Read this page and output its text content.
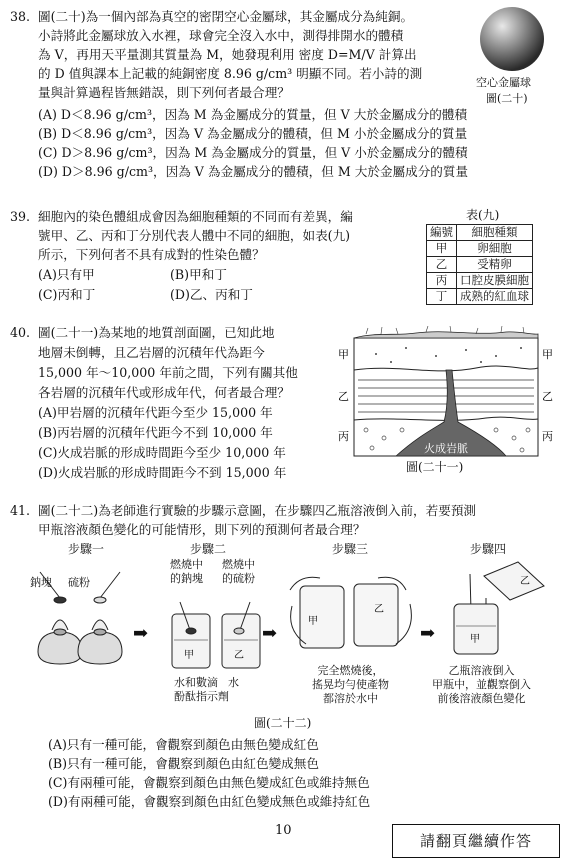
38. 圖(二十)為一個內部為真空的密閉空心金屬球，其金屬成分為純銅。
小詩將此金屬球放入水裡，球會完全沒入水中，測得排開水的體積
為 V，再用天平量測其質量為 M，她發現利用 密度 D=M/V 計算出
的 D 值與課本上記載的純銅密度 8.96 g/cm³ 明顯不同。若小詩的測
量與計算過程皆無錯誤，則下列何者最合理？
空心金屬球
圖(二十)
(A) D＜8.96 g/cm³，因為 M 為金屬成分的質量，但 V 大於金屬成分的體積
(B) D＜8.96 g/cm³，因為 V 為金屬成分的體積，但 M 小於金屬成分的質量
(C) D＞8.96 g/cm³，因為 M 為金屬成分的質量，但 V 小於金屬成分的體積
(D) D＞8.96 g/cm³，因為 V 為金屬成分的體積，但 M 大於金屬成分的質量
39. 細胞內的染色體組成會因為細胞種類的不同而有差異，編
號甲、乙、丙和丁分別代表人體中不同的細胞，如表(九)
所示，下列何者不具有成對的性染色體？
(A)只有甲	(B)甲和丁
(C)丙和丁	(D)乙、丙和丁
表(九)
編號	細胞種類
甲	卵細胞
乙	受精卵
丙	口腔皮膜細胞
丁	成熟的紅血球
40. 圖(二十一)為某地的地質剖面圖，已知此地
地層未倒轉，且乙岩層的沉積年代為距今
15,000 年～10,000 年前之間，下列有關其他
各岩層的沉積年代或形成年代，何者最合理？
(A)甲岩層的沉積年代距今至少 15,000 年
(B)丙岩層的沉積年代距今不到 10,000 年
(C)火成岩脈的形成時間距今至少 10,000 年
(D)火成岩脈的形成時間距今不到 15,000 年
甲	甲
乙	乙
丙	丙
火成岩脈
圖(二十一)
41. 圖(二十二)為老師進行實驗的步驟示意圖，在步驟四乙瓶溶液倒入前，若要預測
甲瓶溶液顏色變化的可能情形，則下列的預測何者最合理？
步驟一	步驟二	步驟三	步驟四
鈉塊 硫粉
➡
甲	乙
燃燒中
的鈉塊
燃燒中
的硫粉
水和數滴
酚酞指示劑
水
➡
甲
乙
完全燃燒後，
搖晃均勻使產物
都溶於水中
➡
乙
甲
乙瓶溶液倒入
甲瓶中，並觀察倒入
前後溶液顏色變化
圖(二十二)
(A)只有一種可能，會觀察到顏色由無色變成紅色
(B)只有一種可能，會觀察到顏色由紅色變成無色
(C)有兩種可能，會觀察到顏色由無色變成紅色或維持無色
(D)有兩種可能，會觀察到顏色由紅色變成無色或維持紅色
10
請翻頁繼續作答
